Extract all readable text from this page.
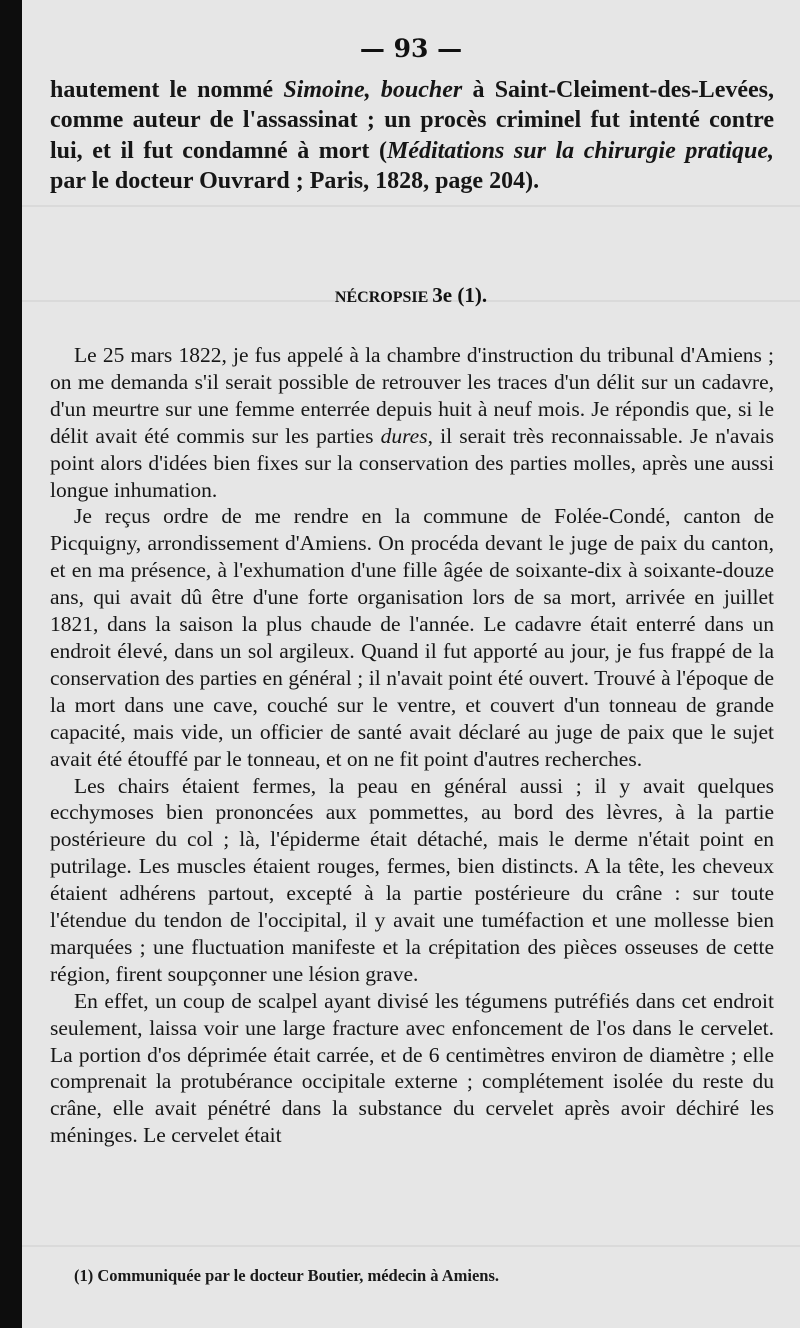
— 93 —

hautement le nommé Simoine, boucher à Saint-Cleiment-des-Levées, comme auteur de l'assassinat ; un procès criminel fut intenté contre lui, et il fut condamné à mort (Méditations sur la chirurgie pratique, par le docteur Ouvrard ; Paris, 1828, page 204).

NÉCROPSIE 3e (1).

Le 25 mars 1822, je fus appelé à la chambre d'instruction du tribunal d'Amiens ; on me demanda s'il serait possible de retrouver les traces d'un délit sur un cadavre, d'un meurtre sur une femme enterrée depuis huit à neuf mois. Je répondis que, si le délit avait été commis sur les parties dures, il serait très reconnaissable. Je n'avais point alors d'idées bien fixes sur la conservation des parties molles, après une aussi longue inhumation.

Je reçus ordre de me rendre en la commune de Folée-Condé, canton de Picquigny, arrondissement d'Amiens. On procéda devant le juge de paix du canton, et en ma présence, à l'exhumation d'une fille âgée de soixante-dix à soixante-douze ans, qui avait dû être d'une forte organisation lors de sa mort, arrivée en juillet 1821, dans la saison la plus chaude de l'année. Le cadavre était enterré dans un endroit élevé, dans un sol argileux. Quand il fut apporté au jour, je fus frappé de la conservation des parties en général ; il n'avait point été ouvert. Trouvé à l'époque de la mort dans une cave, couché sur le ventre, et couvert d'un tonneau de grande capacité, mais vide, un officier de santé avait déclaré au juge de paix que le sujet avait été étouffé par le tonneau, et on ne fit point d'autres recherches.

Les chairs étaient fermes, la peau en général aussi ; il y avait quelques ecchymoses bien prononcées aux pommettes, au bord des lèvres, à la partie postérieure du col ; là, l'épiderme était détaché, mais le derme n'était point en putrilage. Les muscles étaient rouges, fermes, bien distincts. A la tête, les cheveux étaient adhérens partout, excepté à la partie postérieure du crâne : sur toute l'étendue du tendon de l'occipital, il y avait une tuméfaction et une mollesse bien marquées ; une fluctuation manifeste et la crépitation des pièces osseuses de cette région, firent soupçonner une lésion grave.

En effet, un coup de scalpel ayant divisé les tégumens putréfiés dans cet endroit seulement, laissa voir une large fracture avec enfoncement de l'os dans le cervelet. La portion d'os déprimée était carrée, et de 6 centimètres environ de diamètre ; elle comprenait la protubérance occipitale externe ; complétement isolée du reste du crâne, elle avait pénétré dans la substance du cervelet après avoir déchiré les méninges. Le cervelet était

(1) Communiquée par le docteur Boutier, médecin à Amiens.
